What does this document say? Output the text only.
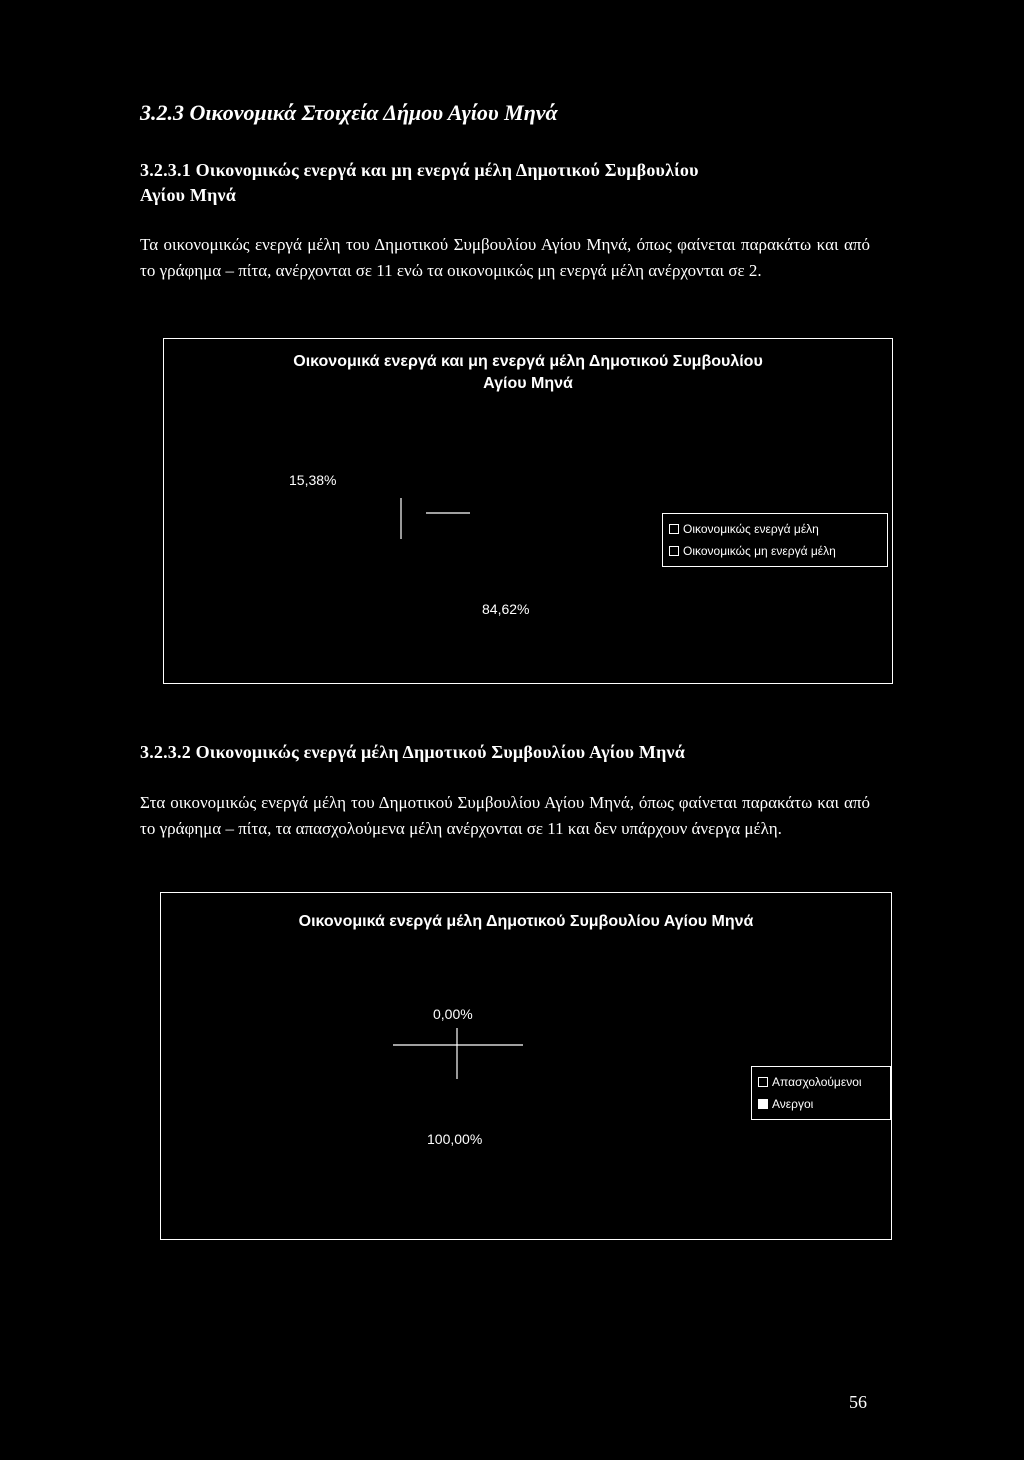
3.2.3 Οικονομικά Στοιχεία Δήμου Αγίου Μηνά
3.2.3.1 Οικονομικώς ενεργά και μη ενεργά μέλη Δημοτικού Συμβουλίου
Αγίου Μηνά
Τα οικονομικώς ενεργά μέλη του Δημοτικού Συμβουλίου Αγίου Μηνά, όπως φαίνεται παρακάτω και από το γράφημα – πίτα, ανέρχονται σε 11 ενώ τα οικονομικώς μη ενεργά μέλη ανέρχονται σε 2.
Οικονομικά ενεργά και μη ενεργά μέλη Δημοτικού Συμβουλίου
Αγίου Μηνά
15,38%
84,62%
Οικονομικώς ενεργά μέλη
Οικονομικώς μη ενεργά μέλη
3.2.3.2 Οικονομικώς ενεργά μέλη Δημοτικού Συμβουλίου Αγίου Μηνά
Στα οικονομικώς ενεργά μέλη του Δημοτικού Συμβουλίου Αγίου Μηνά, όπως φαίνεται παρακάτω και από το γράφημα – πίτα, τα απασχολούμενα μέλη ανέρχονται σε 11 και δεν υπάρχουν άνεργα μέλη.
Οικονομικά ενεργά μέλη Δημοτικού Συμβουλίου Αγίου Μηνά
0,00%
100,00%
Απασχολούμενοι
Ανεργοι
56
